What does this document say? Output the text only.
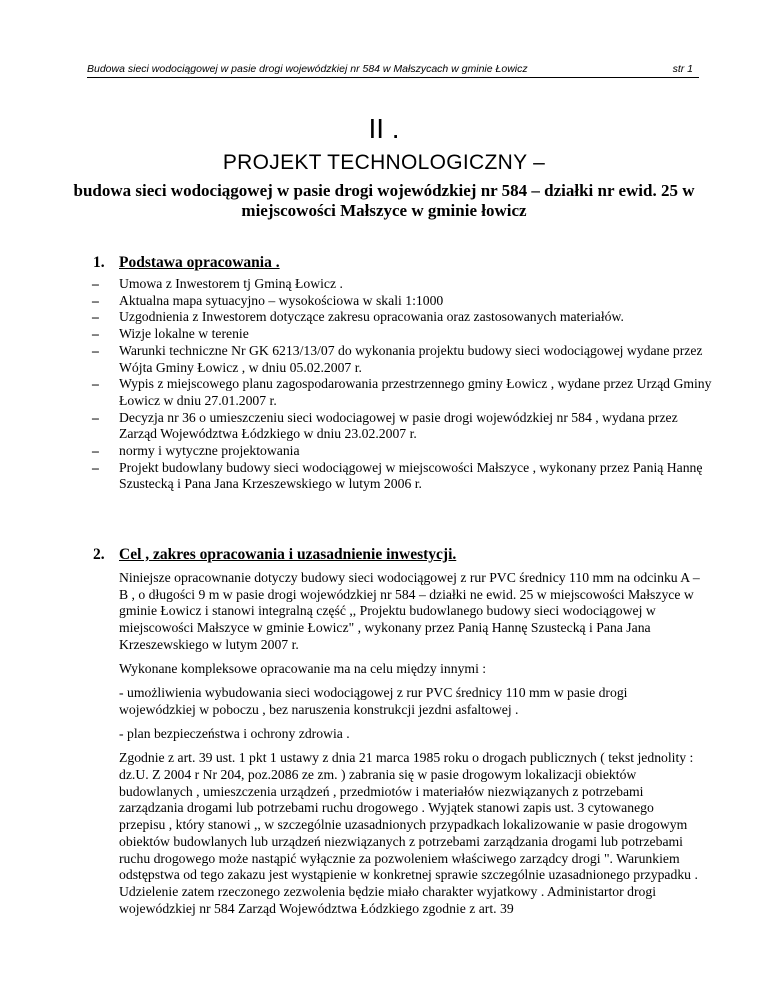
Budowa sieci wodociągowej w pasie drogi wojewódzkiej nr 584 w Małszycach w gminie Łowicz	str 1
II .
PROJEKT TECHNOLOGICZNY –
budowa sieci wodociągowej w pasie drogi wojewódzkiej nr 584 – działki nr ewid. 25 w miejscowości Małszyce w gminie łowicz
1. Podstawa opracowania .
– Umowa z Inwestorem tj Gminą Łowicz .
– Aktualna mapa sytuacyjno – wysokościowa w skali 1:1000
– Uzgodnienia z Inwestorem dotyczące zakresu opracowania oraz zastosowanych materiałów.
– Wizje lokalne w terenie
– Warunki techniczne Nr GK 6213/13/07 do wykonania projektu budowy sieci wodociągowej wydane przez Wójta Gminy Łowicz , w dniu 05.02.2007 r.
– Wypis z miejscowego planu zagospodarowania przestrzennego gminy Łowicz , wydane przez Urząd Gminy Łowicz w dniu 27.01.2007 r.
– Decyzja nr 36 o umieszczeniu sieci wodociagowej w pasie drogi wojewódzkiej nr 584 , wydana przez Zarząd Województwa Łódzkiego w dniu 23.02.2007 r.
– normy i wytyczne projektowania
– Projekt budowlany budowy sieci wodociągowej w miejscowości Małszyce , wykonany przez Panią Hannę Szustecką i Pana Jana Krzeszewskiego w lutym 2006 r.
2. Cel , zakres opracowania i uzasadnienie inwestycji.

Niniejsze opracownanie dotyczy budowy sieci wodociągowej z rur PVC średnicy 110 mm na odcinku A – B , o długości 9 m w pasie drogi wojewódzkiej nr 584 – działki ne ewid. 25 w miejscowości Małszyce w gminie Łowicz i stanowi integralną część ,, Projektu budowlanego budowy sieci wodociągowej w miejscowości Małszyce w gminie Łowicz" , wykonany przez Panią Hannę Szustecką i Pana Jana Krzeszewskiego w lutym 2007 r.

Wykonane kompleksowe opracowanie ma na celu między innymi :

- umożliwienia wybudowania sieci wodociągowej z rur PVC średnicy 110 mm w pasie drogi wojewódzkiej w poboczu , bez naruszenia konstrukcji jezdni asfaltowej .

- plan bezpieczeństwa i ochrony zdrowia .

Zgodnie z art. 39 ust. 1 pkt 1 ustawy z dnia 21 marca 1985 roku o drogach publicznych ( tekst jednolity : dz.U. Z 2004 r Nr 204, poz.2086 ze zm. ) zabrania się w pasie drogowym lokalizacji obiektów budowlanych , umieszczenia urządzeń , przedmiotów i materiałów niezwiązanych z potrzebami zarządzania drogami lub potrzebami ruchu drogowego . Wyjątek stanowi zapis ust. 3 cytowanego przepisu , który stanowi ,, w szczególnie uzasadnionych przypadkach lokalizowanie w pasie drogowym obiektów budowlanych lub urządzeń niezwiązanych z potrzebami zarządzania drogami lub potrzebami ruchu drogowego może nastąpić wyłącznie za pozwoleniem właściwego zarządcy drogi ". Warunkiem odstępstwa od tego zakazu jest wystąpienie w konkretnej sprawie szczególnie uzasadnionego przypadku . Udzielenie zatem rzeczonego zezwolenia będzie miało charakter wyjatkowy . Administartor drogi wojewódzkiej nr 584 Zarząd Województwa Łódzkiego zgodnie z art. 39
